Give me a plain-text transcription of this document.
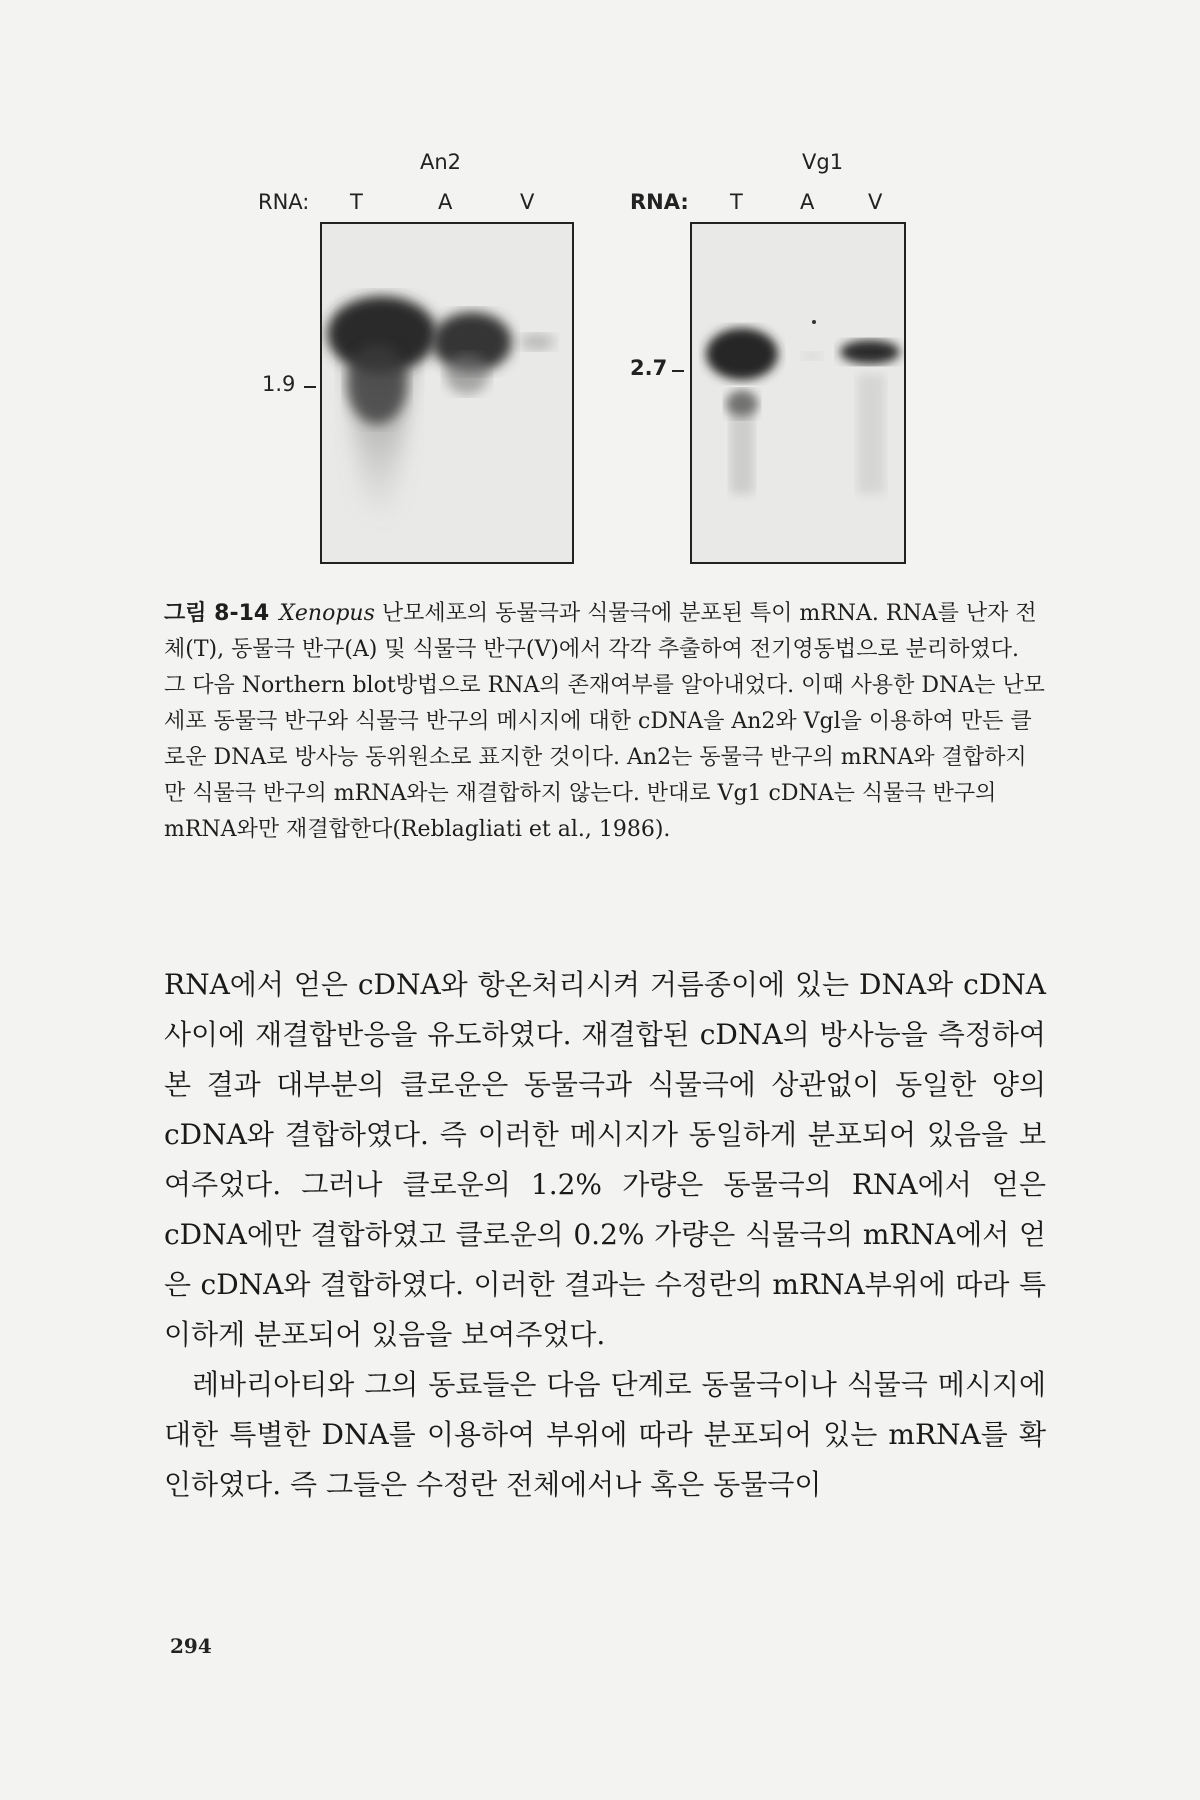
An2
RNA: T	A	V
1.9
Vg1
RNA: T	A	V
2.7
그림 8-14 Xenopus 난모세포의 동물극과 식물극에 분포된 특이 mRNA. RNA를 난자 전체(T), 동물극 반구(A) 및 식물극 반구(V)에서 각각 추출하여 전기영동법으로 분리하였다. 그 다음 Northern blot방법으로 RNA의 존재여부를 알아내었다. 이때 사용한 DNA는 난모세포 동물극 반구와 식물극 반구의 메시지에 대한 cDNA을 An2와 Vgl을 이용하여 만든 클로운 DNA로 방사능 동위원소로 표지한 것이다. An2는 동물극 반구의 mRNA와 결합하지만 식물극 반구의 mRNA와는 재결합하지 않는다. 반대로 Vg1 cDNA는 식물극 반구의 mRNA와만 재결합한다(Reblagliati et al., 1986).

RNA에서 얻은 cDNA와 항온처리시켜 거름종이에 있는 DNA와 cDNA 사이에 재결합반응을 유도하였다. 재결합된 cDNA의 방사능을 측정하여 본 결과 대부분의 클로운은 동물극과 식물극에 상관없이 동일한 양의 cDNA와 결합하였다. 즉 이러한 메시지가 동일하게 분포되어 있음을 보여주었다. 그러나 클로운의 1.2% 가량은 동물극의 RNA에서 얻은 cDNA에만 결합하였고 클로운의 0.2% 가량은 식물극의 mRNA에서 얻은 cDNA와 결합하였다. 이러한 결과는 수정란의 mRNA부위에 따라 특이하게 분포되어 있음을 보여주었다.

레바리아티와 그의 동료들은 다음 단계로 동물극이나 식물극 메시지에 대한 특별한 DNA를 이용하여 부위에 따라 분포되어 있는 mRNA를 확인하였다. 즉 그들은 수정란 전체에서나 혹은 동물극이

294
